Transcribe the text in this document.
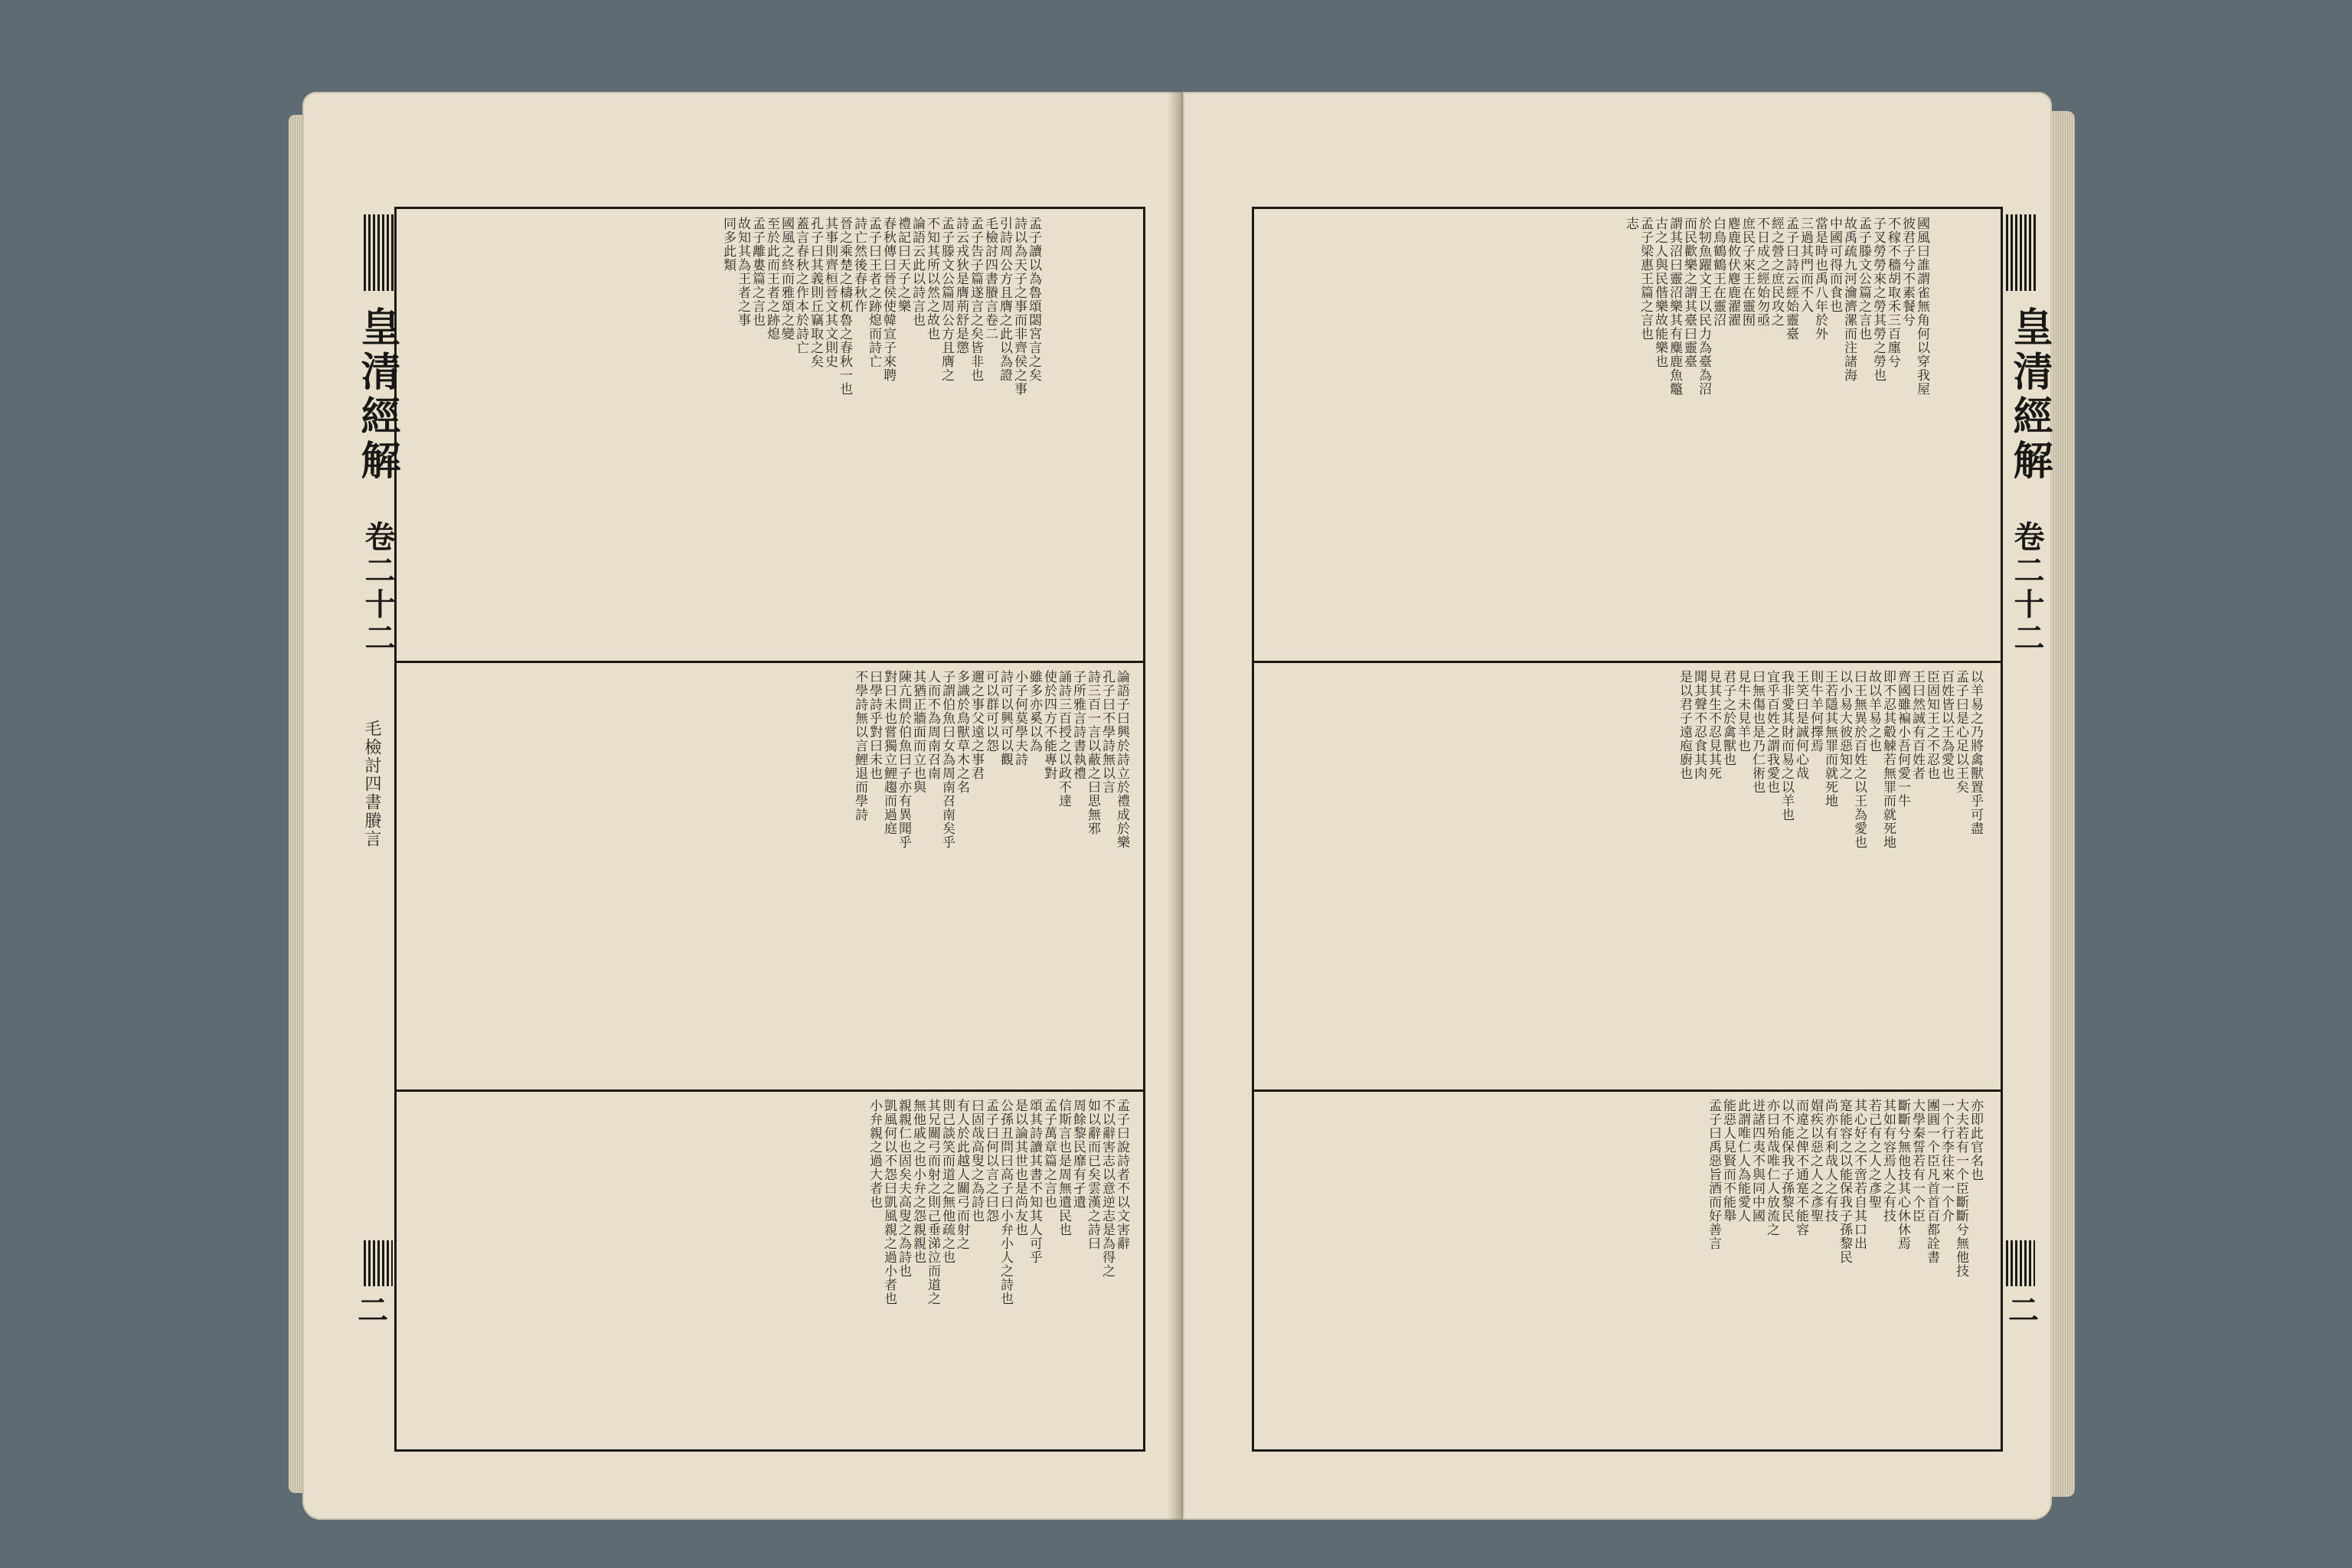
孟子讀以為魯頌閟宮言之矣
詩以為天子之事而非齊侯之事
引詩周公方且膺之此以為證
毛檢討四書賸言卷二
孟子告子篇遂言之矣皆非也
詩云戎狄是膺荊舒是懲
孟子滕文公篇周公方且膺之
不知其所以然之故也
論語云此以詩言也
禮記曰天子之樂
春秋傳曰晉侯使韓宣子來聘
孟子曰王者之跡熄而詩亡
詩亡然後春秋作
晉之乘楚之檮杌魯之春秋一也
其事則齊桓晉文其文則史
孔子曰其義則丘竊取之矣
蓋言春秋之作本於詩亡
國風之終而雅頌之變
至於此而王者之跡熄
孟子離婁篇之言也
故知其為王者之事
同多此類
論語子曰興於詩立於禮成於樂
孔子曰不學詩無以言
詩三百一言以蔽之曰思無邪
子所雅言詩書執禮
誦詩三百授之以政不達
使於四方不能專對
雖多亦奚以為
小子何莫學夫詩
詩可以興可以觀
可以群可以怨
邇之事父遠之事君
多識於鳥獸草木之名
子謂伯魚曰女為周南召南矣乎
人而不為周南召南
其猶正牆面而立也與
陳亢問於伯魚曰子亦有異聞乎
對曰未也嘗獨立鯉趨而過庭
曰學詩乎對曰未也
不學詩無以言鯉退而學詩
孟子曰說詩者不以文害辭
不以辭害志以意逆志是為得之
如以辭而已矣雲漢之詩曰
周餘黎民靡有孑遺
信斯言也是周無遺民也
孟子萬章篇之言也
頌其詩讀其書不知其人可乎
是以論其世也是尚友也
公孫丑問曰高子曰小弁小人之詩也
孟子曰何以言之曰怨
曰固哉高叟之為詩也
有人於此越人關弓而射之
則己談笑而道之無他疏之也
其兄關弓而射之則己垂涕泣而道之
無他戚之也小弁之怨親親也
親親仁也固矣夫高叟之為詩也
凱風何以不怨曰凱風親之過小者也
小弁親之過大者也
皇清經解
卷二十二
毛檢討四書賸言
二
國風曰誰謂雀無角何以穿我屋
彼君子兮不素餐兮
不稼不穡胡取禾三百廛兮
子叉勞勞來之勞其勞之勞也
孟子滕文公篇之言也
故禹疏九河瀹濟漯而注諸海
中國可得而食也
當是時也禹八年於外
三過其門而不入
孟子曰詩云經始靈臺
經之營之庶民攻之
不日成之經始勿亟
庶民子來王在靈囿
麀鹿攸伏麀鹿濯濯
白鳥鶴鶴王在靈沼
於牣魚躍文王以民力為臺為沼
而民歡樂之謂其臺曰靈臺
謂其沼曰靈沼樂其有麋鹿魚鼈
古之人與民偕樂故能樂也
孟子梁惠王篇之言也
志
以羊易之乃將禽獸置乎可盡
孟子曰是心足以王矣
百姓皆以王為愛也
臣固知王之不忍也
王曰然誠有百姓者
齊國雖褊小吾何愛一牛
即不忍其觳觫若無罪而就死地
故以羊易之也
曰王無異於百姓之以王為愛也
以小易大彼惡知之
王若隱其無罪而就死地
則牛羊何擇焉
王笑曰是誠何心哉
我非愛其財而易之以羊也
宜乎百姓之謂我愛也
曰無傷也是乃仁術也
見牛未見羊也
君子之於禽獸也
見其生不忍見其死
聞其聲不忍食其肉
是以君子遠庖廚也
亦即此官名也
大夫若有一个臣斷斷兮無他技
一个行李往來一个介
團圓一个臣凡首首百都詮書
大學秦誓若有一个臣
斷斷兮無他技其心休休焉
其如有容焉人之有技
若己有之人之彥聖
其心好之不啻若自其口出
寔能容之以能保我子孫黎民
尚亦有利哉人之有技
媢疾以惡之人之彥聖
而違之俾不通寔不能容
以不能保我子孫黎民
亦曰殆哉唯仁人放流之
迸諸四夷不與同中國
此謂唯仁人為能愛人
能惡人見賢而不能舉
孟子曰禹惡旨酒而好善言
皇清經解
卷二十二
二
